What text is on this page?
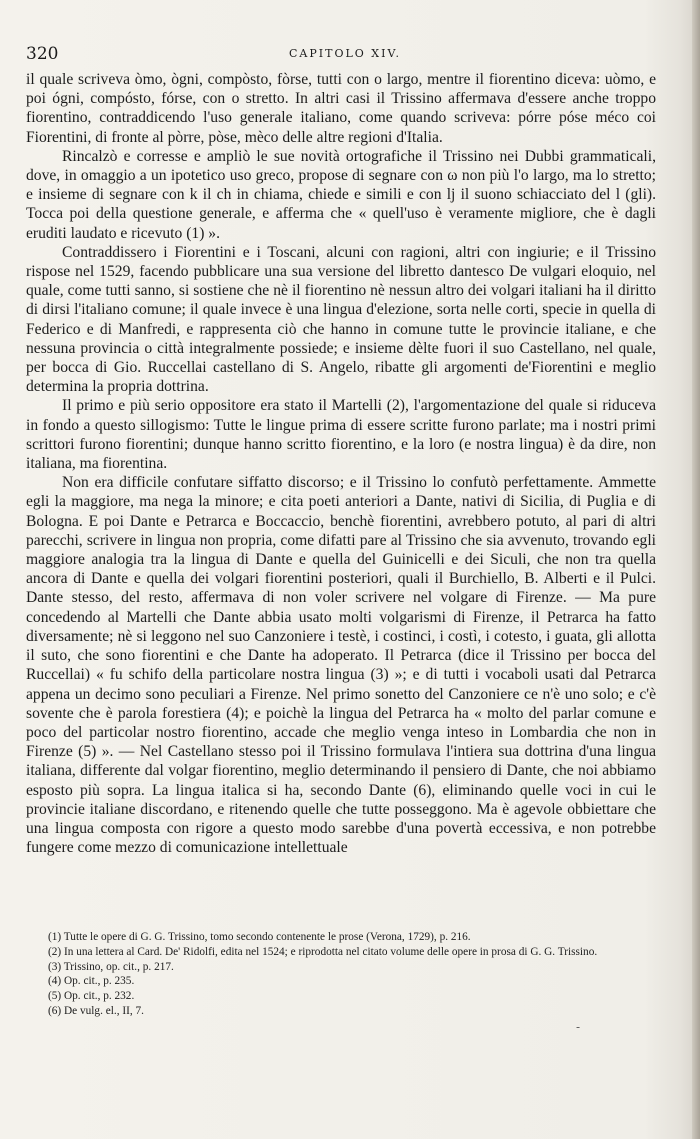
320	CAPITOLO XIV.

il quale scriveva òmo, ògni, compòsto, fòrse, tutti con o largo, mentre il fiorentino diceva: uòmo, e poi ógni, compósto, fórse, con o stretto. In altri casi il Trissino affermava d'essere anche troppo fiorentino, contraddicendo l'uso generale italiano, come quando scriveva: pórre póse méco coi Fiorentini, di fronte al pòrre, pòse, mèco delle altre regioni d'Italia.

Rincalzò e corresse e ampliò le sue novità ortografiche il Trissino nei Dubbi grammaticali, dove, in omaggio a un ipotetico uso greco, propose di segnare con ω non più l'o largo, ma lo stretto; e insieme di segnare con k il ch in chiama, chiede e simili e con lj il suono schiacciato del l (gli). Tocca poi della questione generale, e afferma che « quell'uso è veramente migliore, che è dagli eruditi laudato e ricevuto (1) ».

Contraddissero i Fiorentini e i Toscani, alcuni con ragioni, altri con ingiurie; e il Trissino rispose nel 1529, facendo pubblicare una sua versione del libretto dantesco De vulgari eloquio, nel quale, come tutti sanno, si sostiene che nè il fiorentino nè nessun altro dei volgari italiani ha il diritto di dirsi l'italiano comune; il quale invece è una lingua d'elezione, sorta nelle corti, specie in quella di Federico e di Manfredi, e rappresenta ciò che hanno in comune tutte le provincie italiane, e che nessuna provincia o città integralmente possiede; e insieme dèlte fuori il suo Castellano, nel quale, per bocca di Gio. Ruccellai castellano di S. Angelo, ribatte gli argomenti de'Fiorentini e meglio determina la propria dottrina.

Il primo e più serio oppositore era stato il Martelli (2), l'argomentazione del quale si riduceva in fondo a questo sillogismo: Tutte le lingue prima di essere scritte furono parlate; ma i nostri primi scrittori furono fiorentini; dunque hanno scritto fiorentino, e la loro (e nostra lingua) è da dire, non italiana, ma fiorentina.

Non era difficile confutare siffatto discorso; e il Trissino lo confutò perfettamente. Ammette egli la maggiore, ma nega la minore; e cita poeti anteriori a Dante, nativi di Sicilia, di Puglia e di Bologna. E poi Dante e Petrarca e Boccaccio, benchè fiorentini, avrebbero potuto, al pari di altri parecchi, scrivere in lingua non propria, come difatti pare al Trissino che sia avvenuto, trovando egli maggiore analogia tra la lingua di Dante e quella del Guinicelli e dei Siculi, che non tra quella ancora di Dante e quella dei volgari fiorentini posteriori, quali il Burchiello, B. Alberti e il Pulci. Dante stesso, del resto, affermava di non voler scrivere nel volgare di Firenze. — Ma pure concedendo al Martelli che Dante abbia usato molti volgarismi di Firenze, il Petrarca ha fatto diversamente; nè si leggono nel suo Canzoniere i testè, i costinci, i costì, i cotesto, i guata, gli allotta il suto, che sono fiorentini e che Dante ha adoperato. Il Petrarca (dice il Trissino per bocca del Ruccellai) « fu schifo della particolare nostra lingua (3) »; e di tutti i vocaboli usati dal Petrarca appena un decimo sono peculiari a Firenze. Nel primo sonetto del Canzoniere ce n'è uno solo; e c'è sovente che è parola forestiera (4); e poichè la lingua del Petrarca ha « molto del parlar comune e poco del particolar nostro fiorentino, accade che meglio venga inteso in Lombardia che non in Firenze (5) ». — Nel Castellano stesso poi il Trissino formulava l'intiera sua dottrina d'una lingua italiana, differente dal volgar fiorentino, meglio determinando il pensiero di Dante, che noi abbiamo esposto più sopra. La lingua italica si ha, secondo Dante (6), eliminando quelle voci in cui le provincie italiane discordano, e ritenendo quelle che tutte posseggono. Ma è agevole obbiettare che una lingua composta con rigore a questo modo sarebbe d'una povertà eccessiva, e non potrebbe fungere come mezzo di comunicazione intellettuale

(1) Tutte le opere di G. G. Trissino, tomo secondo contenente le prose (Verona, 1729), p. 216.

(2) In una lettera al Card. De' Ridolfi, edita nel 1524; e riprodotta nel citato volume delle opere in prosa di G. G. Trissino.

(3) Trissino, op. cit., p. 217.

(4) Op. cit., p. 235.

(5) Op. cit., p. 232.

(6) De vulg. el., II, 7.

-
